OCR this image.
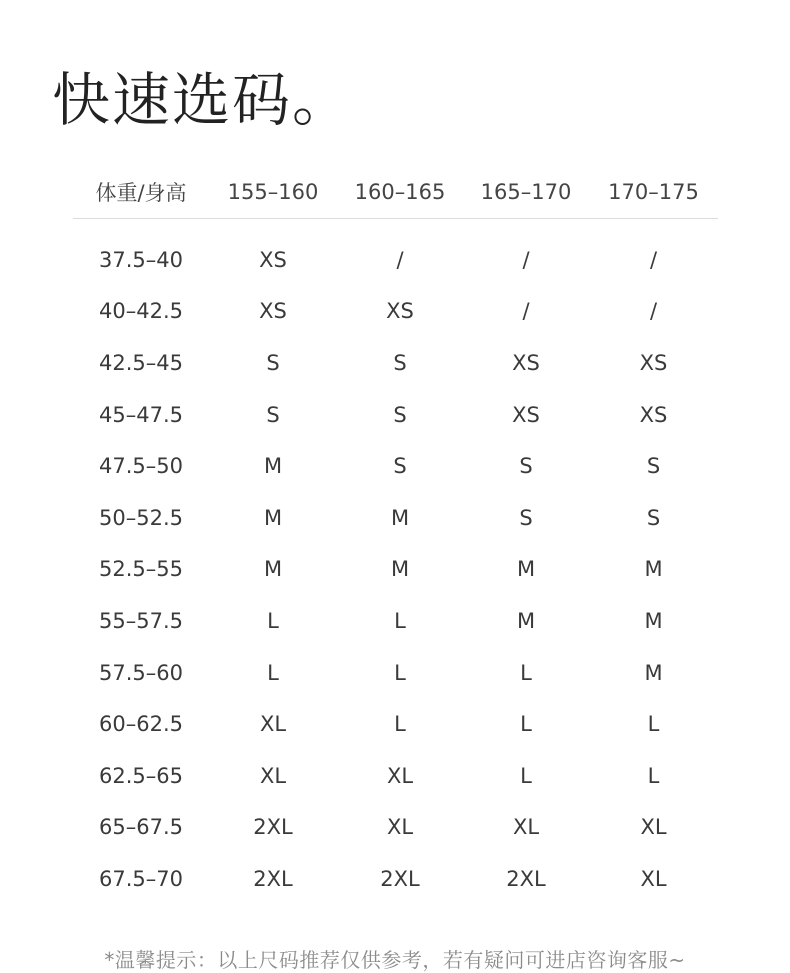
快速选码。
体重/身高	155–160	160–165	165–170	170–175
37.5–40	XS	/	/	/
40–42.5	XS	XS	/	/
42.5–45	S	S	XS	XS
45–47.5	S	S	XS	XS
47.5–50	M	S	S	S
50–52.5	M	M	S	S
52.5–55	M	M	M	M
55–57.5	L	L	M	M
57.5–60	L	L	L	M
60–62.5	XL	L	L	L
62.5–65	XL	XL	L	L
65–67.5	2XL	XL	XL	XL
67.5–70	2XL	2XL	2XL	XL
*温馨提示：以上尺码推荐仅供参考，若有疑问可进店咨询客服~
